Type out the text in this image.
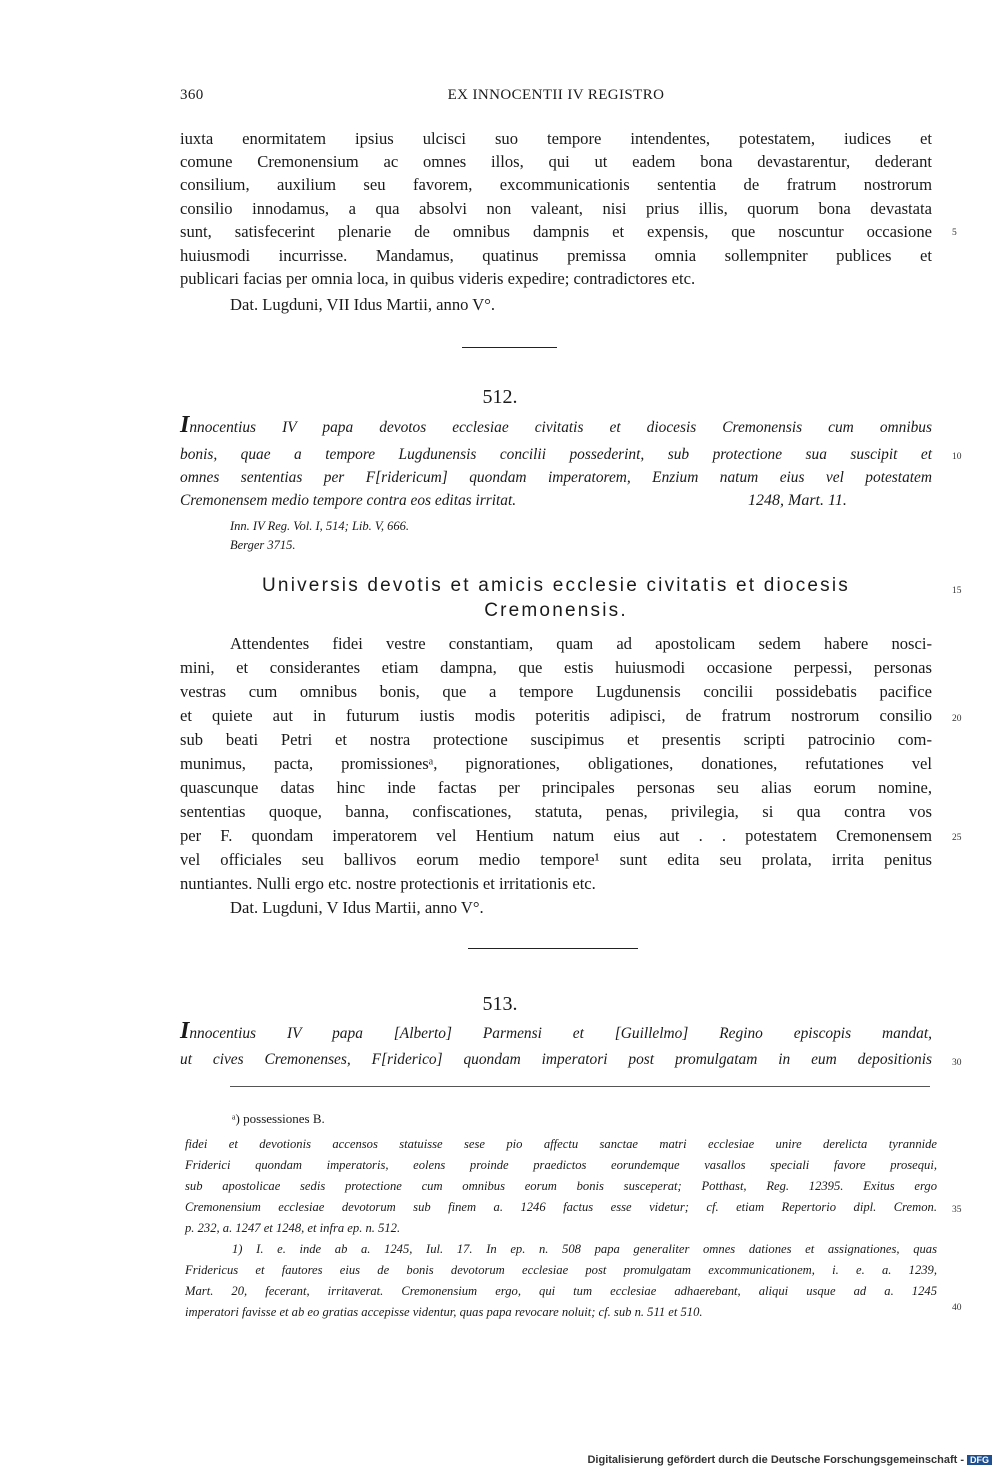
360	EX INNOCENTII IV REGISTRO
iuxta enormitatem ipsius ulcisci suo tempore intendentes, potestatem, iudices et
comune Cremonensium ac omnes illos, qui ut eadem bona devastarentur, dederant
consilium, auxilium seu favorem, excommunicationis sententia de fratrum nostrorum
consilio innodamus, a qua absolvi non valeant, nisi prius illis, quorum bona devastata
sunt, satisfecerint plenarie de omnibus dampnis et expensis, que noscuntur occasione
huiusmodi incurrisse. Mandamus, quatinus premissa omnia sollempniter publices et
publicari facias per omnia loca, in quibus videris expedire; contradictores etc.
Dat. Lugduni, VII Idus Martii, anno V°.
512.
Innocentius IV papa devotos ecclesiae civitatis et diocesis Cremonensis cum omnibus
bonis, quae a tempore Lugdunensis concilii possederint, sub protectione sua suscipit et
omnes sententias per F[ridericum] quondam imperatorem, Enzium natum eius vel potestatem
Cremonensem medio tempore contra eos editas irritat.	1248, Mart. 11.
Inn. IV Reg. Vol. I, 514; Lib. V, 666.
Berger 3715.
Universis devotis et amicis ecclesie civitatis et diocesis
Cremonensis.
Attendentes fidei vestre constantiam, quam ad apostolicam sedem habere nosci-
mini, et considerantes etiam dampna, que estis huiusmodi occasione perpessi, personas
vestras cum omnibus bonis, que a tempore Lugdunensis concilii possidebatis pacifice
et quiete aut in futurum iustis modis poteritis adipisci, de fratrum nostrorum consilio
sub beati Petri et nostra protectione suscipimus et presentis scripti patrocinio com-
munimus, pacta, promissionesᵃ, pignorationes, obligationes, donationes, refutationes vel
quascunque datas hinc inde factas per principales personas seu alias eorum nomine,
sententias quoque, banna, confiscationes, statuta, penas, privilegia, si qua contra vos
per F. quondam imperatorem vel Hentium natum eius aut . . potestatem Cremonensem
vel officiales seu ballivos eorum medio tempore¹ sunt edita seu prolata, irrita penitus
nuntiantes. Nulli ergo etc. nostre protectionis et irritationis etc.
Dat. Lugduni, V Idus Martii, anno V°.
513.
Innocentius IV papa [Alberto] Parmensi et [Guillelmo] Regino episcopis mandat,
ut cives Cremonenses, F[riderico] quondam imperatori post promulgatam in eum depositionis
ᵃ) possessiones B.
fidei et devotionis accensos statuisse sese pio affectu sanctae matri ecclesiae unire derelicta tyrannide
Friderici quondam imperatoris, eolens proinde praedictos eorundemque vasallos speciali favore prosequi,
sub apostolicae sedis protectione cum omnibus eorum bonis susceperat; Potthast, Reg. 12395. Exitus ergo
Cremonensium ecclesiae devotorum sub finem a. 1246 factus esse videtur; cf. etiam Repertorio dipl. Cremon.
p. 232, a. 1247 et 1248, et infra ep. n. 512.
1) I. e. inde ab a. 1245, Iul. 17. In ep. n. 508 papa generaliter omnes dationes et assignationes, quas
Fridericus et fautores eius de bonis devotorum ecclesiae post promulgatam excommunicationem, i. e. a. 1239,
Mart. 20, fecerant, irritaverat. Cremonensium ergo, qui tum ecclesiae adhaerebant, aliqui usque ad a. 1245
imperatori favisse et ab eo gratias accepisse videntur, quas papa revocare noluit; cf. sub n. 511 et 510.
5
10
15
20
25
30
35
40
Digitalisierung gefördert durch die Deutsche Forschungsgemeinschaft - DFG
